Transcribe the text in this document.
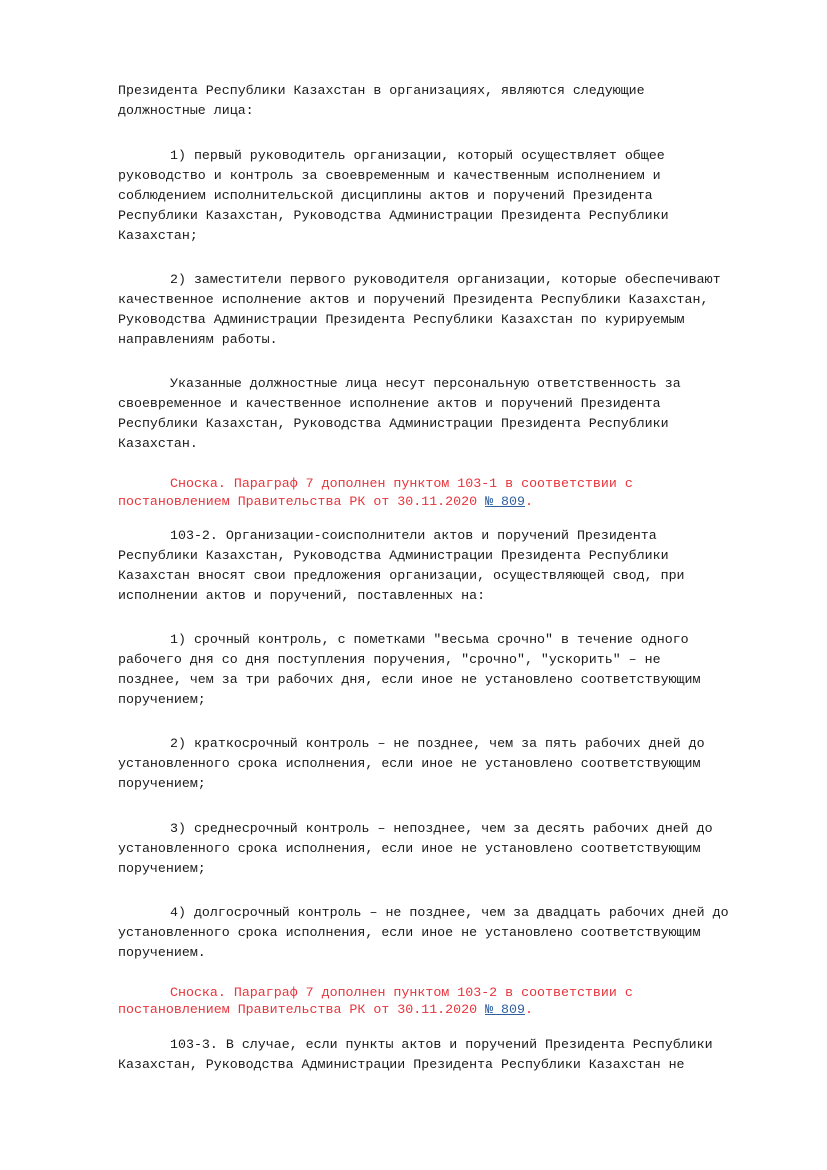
Президента Республики Казахстан в организациях, являются следующие
должностные лица:
1) первый руководитель организации, который осуществляет общее
руководство и контроль за своевременным и качественным исполнением и
соблюдением исполнительской дисциплины актов и поручений Президента
Республики Казахстан, Руководства Администрации Президента Республики
Казахстан;
2) заместители первого руководителя организации, которые обеспечивают
качественное исполнение актов и поручений Президента Республики Казахстан,
Руководства Администрации Президента Республики Казахстан по курируемым
направлениям работы.
Указанные должностные лица несут персональную ответственность за
своевременное и качественное исполнение актов и поручений Президента
Республики Казахстан, Руководства Администрации Президента Республики
Казахстан.
Сноска. Параграф 7 дополнен пунктом 103-1 в соответствии с
постановлением Правительства РК от 30.11.2020 № 809.
103-2. Организации-соисполнители актов и поручений Президента
Республики Казахстан, Руководства Администрации Президента Республики
Казахстан вносят свои предложения организации, осуществляющей свод, при
исполнении актов и поручений, поставленных на:
1) срочный контроль, с пометками "весьма срочно" в течение одного
рабочего дня со дня поступления поручения, "срочно", "ускорить" – не
позднее, чем за три рабочих дня, если иное не установлено соответствующим
поручением;
2) краткосрочный контроль – не позднее, чем за пять рабочих дней до
установленного срока исполнения, если иное не установлено соответствующим
поручением;
3) среднесрочный контроль – непозднее, чем за десять рабочих дней до
установленного срока исполнения, если иное не установлено соответствующим
поручением;
4) долгосрочный контроль – не позднее, чем за двадцать рабочих дней до
установленного срока исполнения, если иное не установлено соответствующим
поручением.
Сноска. Параграф 7 дополнен пунктом 103-2 в соответствии с
постановлением Правительства РК от 30.11.2020 № 809.
103-3. В случае, если пункты актов и поручений Президента Республики
Казахстан, Руководства Администрации Президента Республики Казахстан не
